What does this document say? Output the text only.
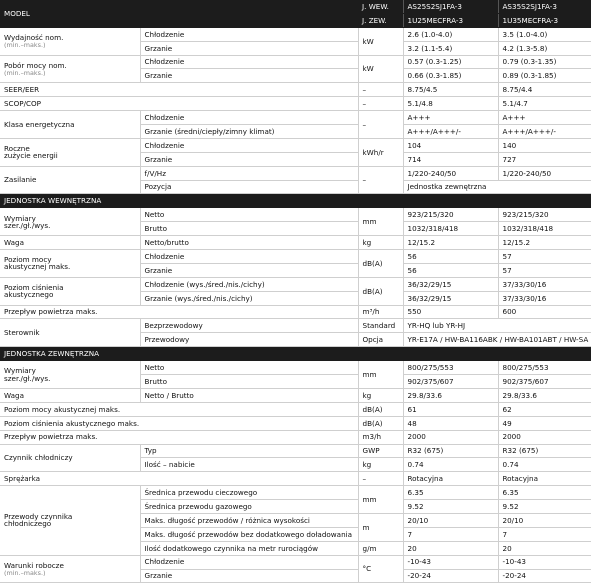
MODEL		J. WEW.	AS25S2SJ1FA-3	AS35S2SJ1FA-3
		J. ZEW.	1U25MECFRA-3	1U35MECFRA-3
Wydajność nom.
(min.–maks.)	Chłodzenie	kW	2.6 (1.0-4.0)	3.5 (1.0-4.0)
	Grzanie		3.2 (1.1-5.4)	4.2 (1.3-5.8)
Pobór mocy nom.
(min.–maks.)	Chłodzenie	kW	0.57 (0.3-1.25)	0.79 (0.3-1.35)
	Grzanie		0.66 (0.3-1.85)	0.89 (0.3-1.85)
SEER/EER		–	8.75/4.5	8.75/4.4
SCOP/COP		–	5.1/4.8	5.1/4.7
Klasa energetyczna	Chłodzenie	–	A+++	A+++
	Grzanie (średni/ciepły/zimny klimat)		A+++/A+++/-	A+++/A+++/-
Roczne
zużycie energii	Chłodzenie	kWh/r	104	140
	Grzanie		714	727
Zasilanie	f/V/Hz	–	1/220-240/50	1/220-240/50
	Pozycja		Jednostka zewnętrzna	
JEDNOSTKA WEWNĘTRZNA				
Wymiary
szer./gł./wys.	Netto	mm	923/215/320	923/215/320
	Brutto		1032/318/418	1032/318/418
Waga	Netto/brutto	kg	12/15.2	12/15.2
Poziom mocy
akustycznej maks.	Chłodzenie	dB(A)	56	57
	Grzanie		56	57
Poziom ciśnienia
akustycznego	Chłodzenie (wys./śred./nis./cichy)	dB(A)	36/32/29/15	37/33/30/16
	Grzanie (wys./śred./nis./cichy)		36/32/29/15	37/33/30/16
Przepływ powietrza maks.		m³/h	550	600
Sterownik	Bezprzewodowy	Standard	YR-HQ lub YR-HJ	
	Przewodowy	Opcja	YR-E17A / HW-BA116ABK / HW-BA101ABT / HW-SA	
JEDNOSTKA ZEWNĘTRZNA				
Wymiary
szer./gł./wys.	Netto	mm	800/275/553	800/275/553
	Brutto		902/375/607	902/375/607
Waga	Netto / Brutto	kg	29.8/33.6	29.8/33.6
Poziom mocy akustycznej maks.		dB(A)	61	62
Poziom ciśnienia akustycznego maks.		dB(A)	48	49
Przepływ powietrza maks.		m3/h	2000	2000
Czynnik chłodniczy	Typ	GWP	R32 (675)	R32 (675)
	Ilość – nabicie	kg	0.74	0.74
Sprężarka		–	Rotacyjna	Rotacyjna
Przewody czynnika
chłodniczego	Średnica przewodu cieczowego	mm	6.35	6.35
	Średnica przewodu gazowego		9.52	9.52
	Maks. długość przewodów / różnica wysokości	m	20/10	20/10
	Maks. długość przewodów bez dodatkowego doładowania		7	7
	Ilość dodatkowego czynnika na metr rurociągów	g/m	20	20
Warunki robocze
(min.–maks.)	Chłodzenie	°C	-10-43	-10-43
	Grzanie		-20-24	-20-24
